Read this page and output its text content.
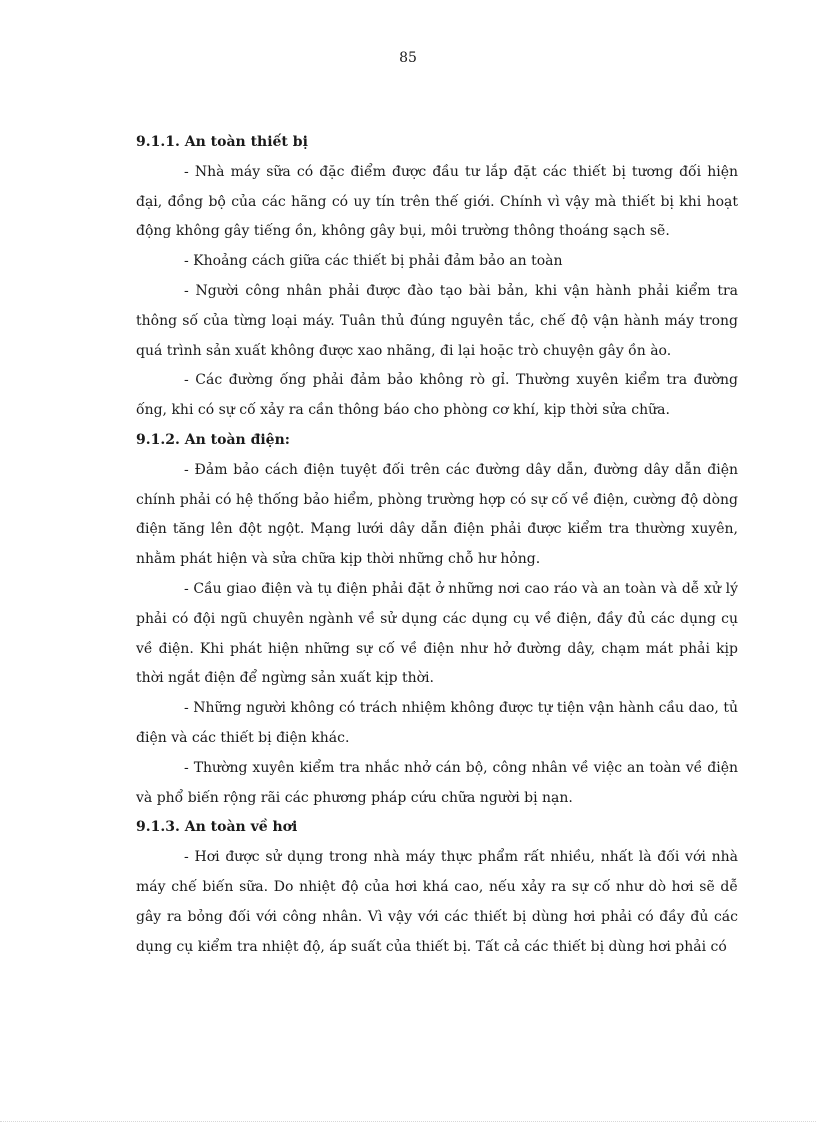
85

9.1.1. An toàn thiết bị

- Nhà máy sữa có đặc điểm được đầu tư lắp đặt các thiết bị tương đối hiện đại, đồng bộ của các hãng có uy tín trên thế giới. Chính vì vậy mà thiết bị khi hoạt động không gây tiếng ồn, không gây bụi, môi trường thông thoáng sạch sẽ.

- Khoảng cách giữa các thiết bị phải đảm bảo an toàn

- Người công nhân phải được đào tạo bài bản, khi vận hành phải kiểm tra thông số của từng loại máy. Tuân thủ đúng nguyên tắc, chế độ vận hành máy trong quá trình sản xuất không được xao nhãng, đi lại hoặc trò chuyện gây ồn ào.

- Các đường ống phải đảm bảo không rò gỉ. Thường xuyên kiểm tra đường ống, khi có sự cố xảy ra cần thông báo cho phòng cơ khí, kịp thời sửa chữa.

9.1.2. An toàn điện:

- Đảm bảo cách điện tuyệt đối trên các đường dây dẫn, đường dây dẫn điện chính phải có hệ thống bảo hiểm, phòng trường hợp có sự cố về điện, cường độ dòng điện tăng lên đột ngột. Mạng lưới dây dẫn điện phải được kiểm tra thường xuyên, nhằm phát hiện và sửa chữa kịp thời những chỗ hư hỏng.

- Cầu giao điện và tụ điện phải đặt ở những nơi cao ráo và an toàn và dễ xử lý phải có đội ngũ chuyên ngành về sử dụng các dụng cụ về điện, đầy đủ các dụng cụ về điện. Khi phát hiện những sự cố về điện như hở đường dây, chạm mát phải kịp thời ngắt điện để ngừng sản xuất kịp thời.

- Những người không có trách nhiệm không được tự tiện vận hành cầu dao, tủ điện và các thiết bị điện khác.

- Thường xuyên kiểm tra nhắc nhở cán bộ, công nhân về việc an toàn về điện và phổ biến rộng rãi các phương pháp cứu chữa người bị nạn.

9.1.3. An toàn về hơi

- Hơi được sử dụng trong nhà máy thực phẩm rất nhiều, nhất là đối với nhà máy chế biến sữa. Do nhiệt độ của hơi khá cao, nếu xảy ra sự cố như dò hơi sẽ dễ gây ra bỏng đối với công nhân. Vì vậy với các thiết bị dùng hơi phải có đầy đủ các dụng cụ kiểm tra nhiệt độ, áp suất của thiết bị. Tất cả các thiết bị dùng hơi phải có
